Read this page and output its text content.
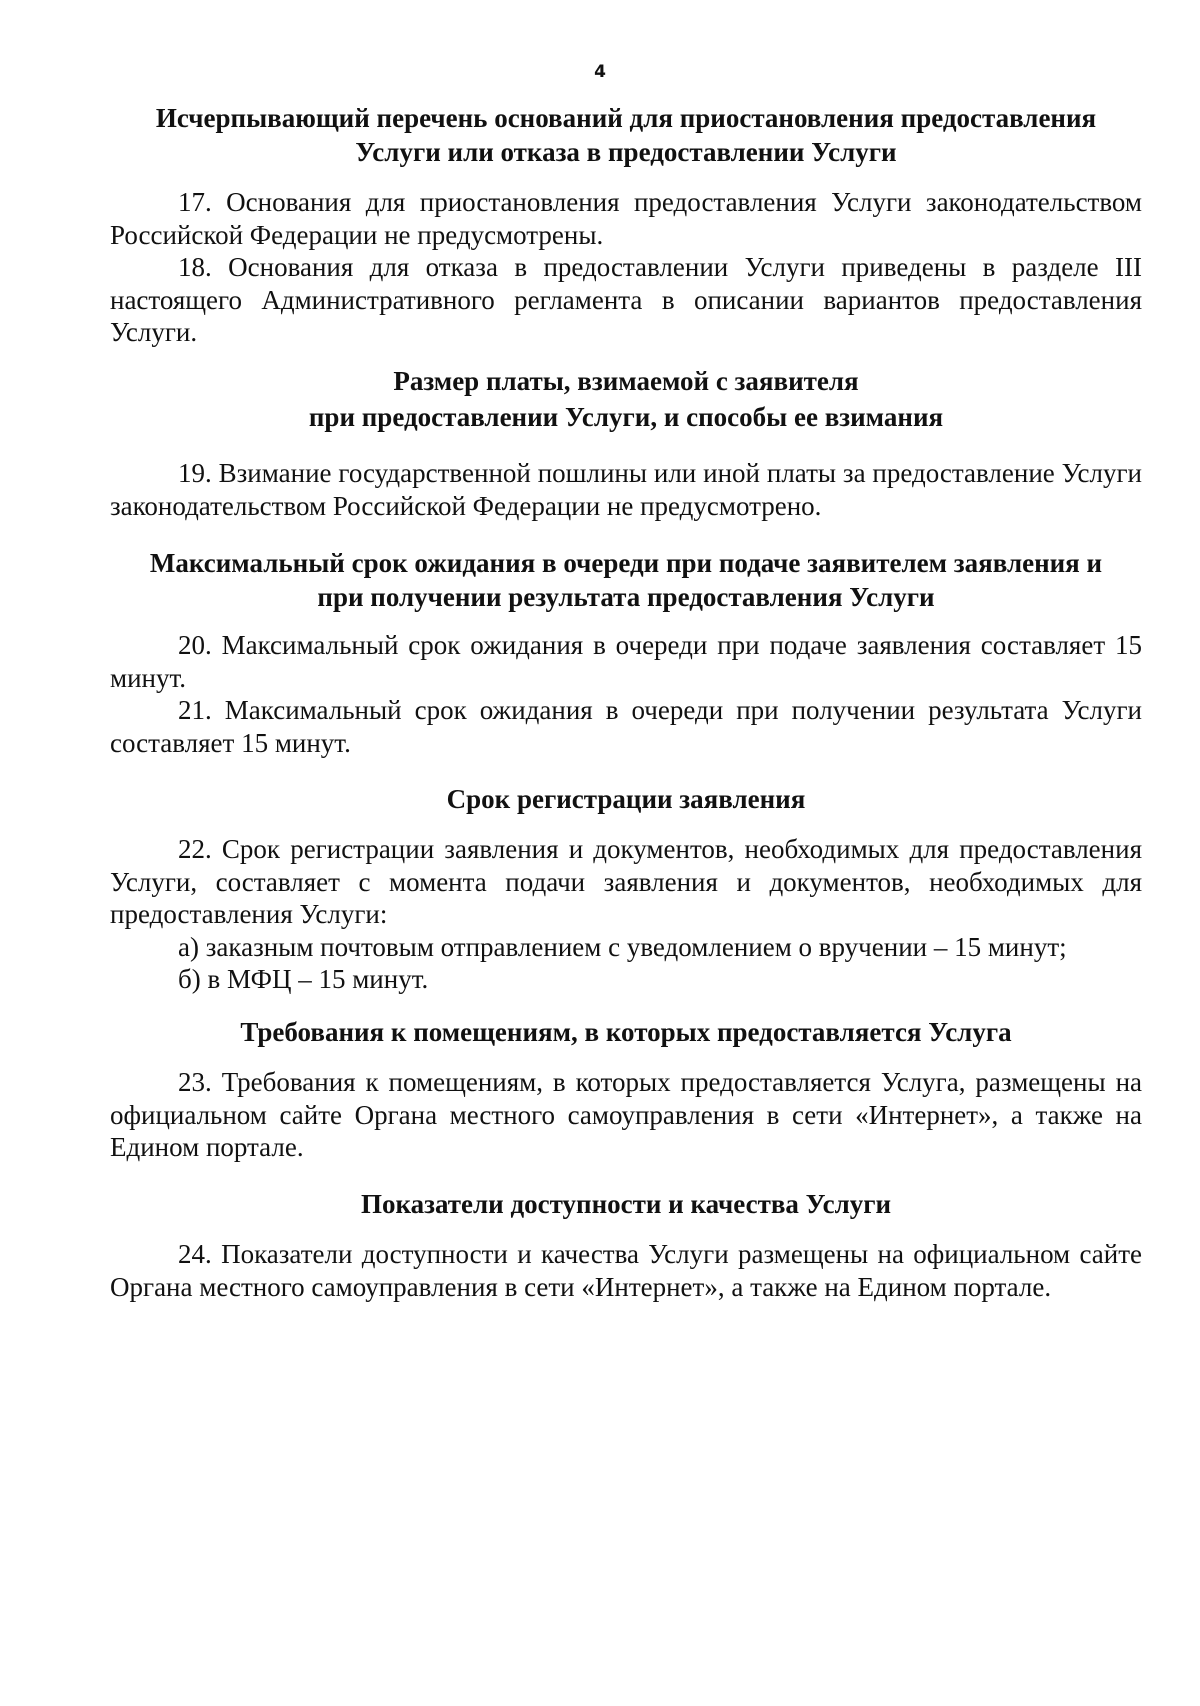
4

Исчерпывающий перечень оснований для приостановления предоставления

Услуги или отказа в предоставлении Услуги

17. Основания для приостановления предоставления Услуги законодательством Российской Федерации не предусмотрены.

18. Основания для отказа в предоставлении Услуги приведены в разделе III настоящего Административного регламента в описании вариантов предоставления Услуги.

Размер платы, взимаемой с заявителя

при предоставлении Услуги, и способы ее взимания

19. Взимание государственной пошлины или иной платы за предоставление Услуги законодательством Российской Федерации не предусмотрено.

Максимальный срок ожидания в очереди при подаче заявителем заявления и

при получении результата предоставления Услуги

20. Максимальный срок ожидания в очереди при подаче заявления составляет 15 минут.

21. Максимальный срок ожидания в очереди при получении результата Услуги составляет 15 минут.

Срок регистрации заявления

22. Срок регистрации заявления и документов, необходимых для предоставления Услуги, составляет с момента подачи заявления и документов, необходимых для предоставления Услуги:

а) заказным почтовым отправлением с уведомлением о вручении – 15 минут;

б) в МФЦ – 15 минут.

Требования к помещениям, в которых предоставляется Услуга

23. Требования к помещениям, в которых предоставляется Услуга, размещены на официальном сайте Органа местного самоуправления в сети «Интернет», а также на Едином портале.

Показатели доступности и качества Услуги

24. Показатели доступности и качества Услуги размещены на официальном сайте Органа местного самоуправления в сети «Интернет», а также на Едином портале.
